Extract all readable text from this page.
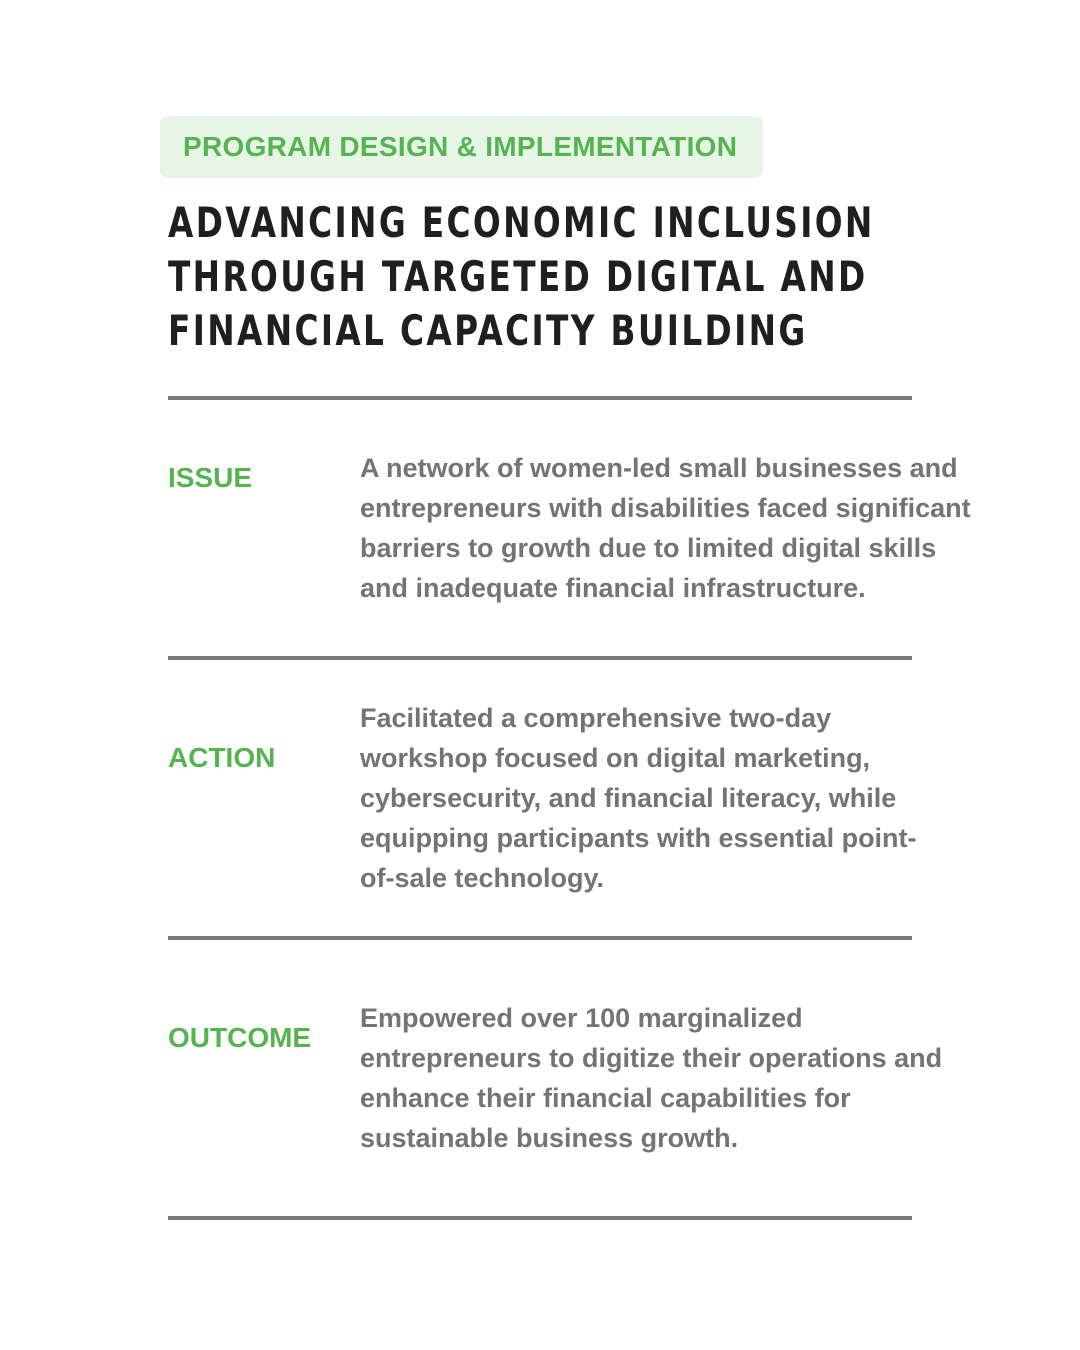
PROGRAM DESIGN & IMPLEMENTATION
ADVANCING ECONOMIC INCLUSION
THROUGH TARGETED DIGITAL AND
FINANCIAL CAPACITY BUILDING
ISSUE	A network of women-led small businesses and
entrepreneurs with disabilities faced significant
barriers to growth due to limited digital skills
and inadequate financial infrastructure.

ACTION

Facilitated a comprehensive two-day
workshop focused on digital marketing,
cybersecurity, and financial literacy, while
equipping participants with essential point-
of-sale technology.

OUTCOME

Empowered over 100 marginalized
entrepreneurs to digitize their operations and
enhance their financial capabilities for
sustainable business growth.
